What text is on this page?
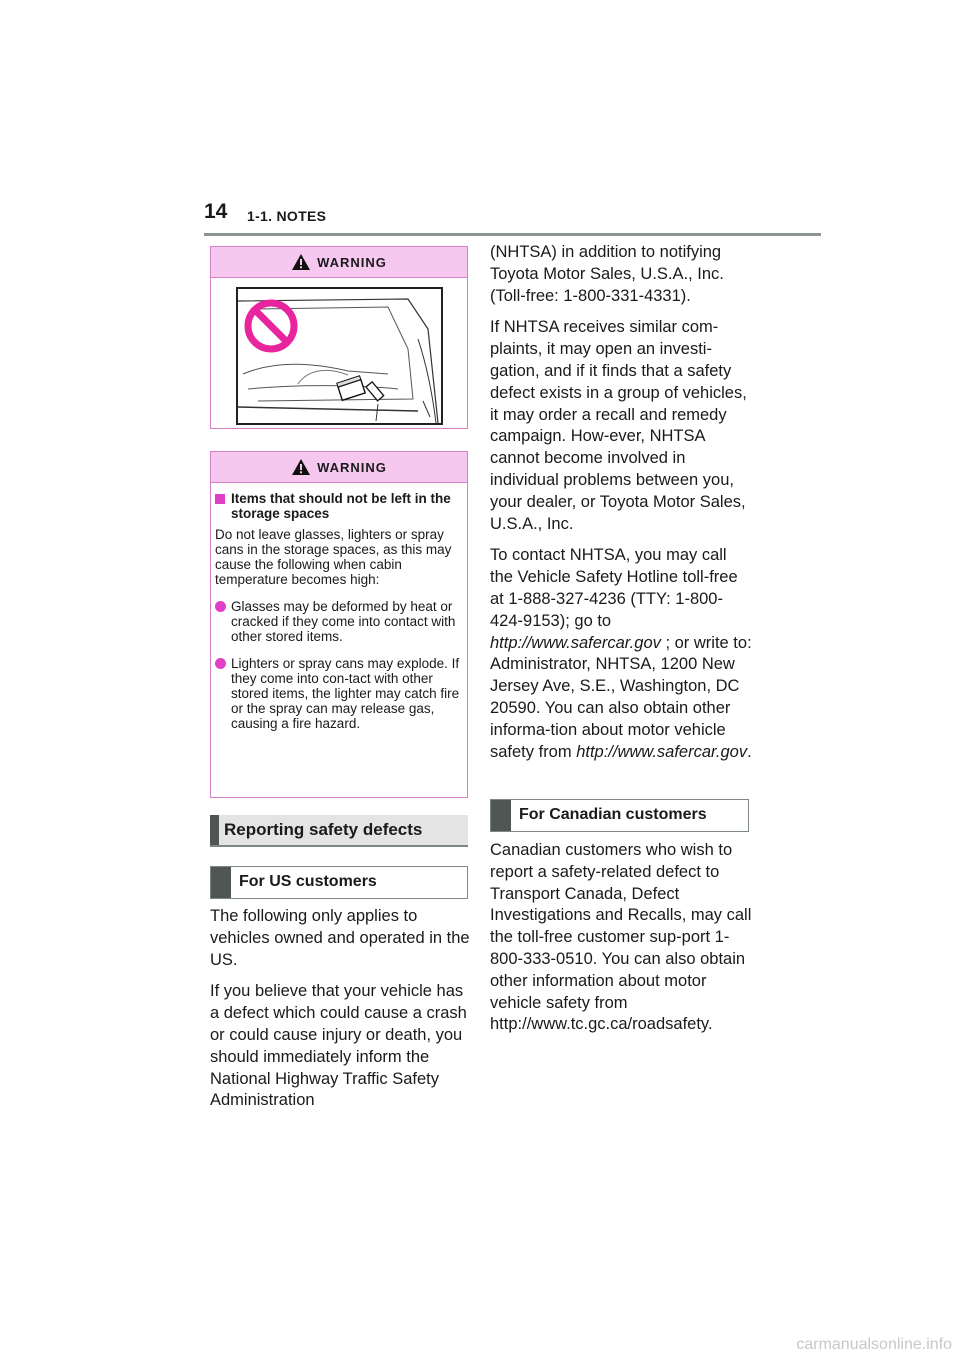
14 1-1. NOTES
WARNING
WARNING
Items that should not be left in the storage spaces

Do not leave glasses, lighters or spray cans in the storage spaces, as this may cause the following when cabin temperature becomes high:

Glasses may be deformed by heat or cracked if they come into contact with other stored items.
Lighters or spray cans may explode. If they come into con-tact with other stored items, the lighter may catch fire or the spray can may release gas, causing a fire hazard.
Reporting safety defects
For US customers

The following only applies to vehicles owned and operated in the US.

If you believe that your vehicle has a defect which could cause a crash or could cause injury or death, you should immediately inform the National Highway Traffic Safety Administration

(NHTSA) in addition to notifying Toyota Motor Sales, U.S.A., Inc. (Toll-free: 1-800-331-4331).

If NHTSA receives similar com-plaints, it may open an investi-gation, and if it finds that a safety defect exists in a group of vehicles, it may order a recall and remedy campaign. How-ever, NHTSA cannot become involved in individual problems between you, your dealer, or Toyota Motor Sales, U.S.A., Inc.

To contact NHTSA, you may call the Vehicle Safety Hotline toll-free at 1-888-327-4236 (TTY: 1-800-424-9153); go to
http://www.safercar.gov ; or write to: Administrator, NHTSA, 1200 New Jersey Ave, S.E., Washington, DC 20590. You can also obtain other informa-tion about motor vehicle safety from http://www.safercar.gov.

For Canadian customers

Canadian customers who wish to report a safety-related defect to Transport Canada, Defect Investigations and Recalls, may call the toll-free customer sup-port 1-800-333-0510. You can also obtain other information about motor vehicle safety from http://www.tc.gc.ca/roadsafety.

carmanualsonline.info
